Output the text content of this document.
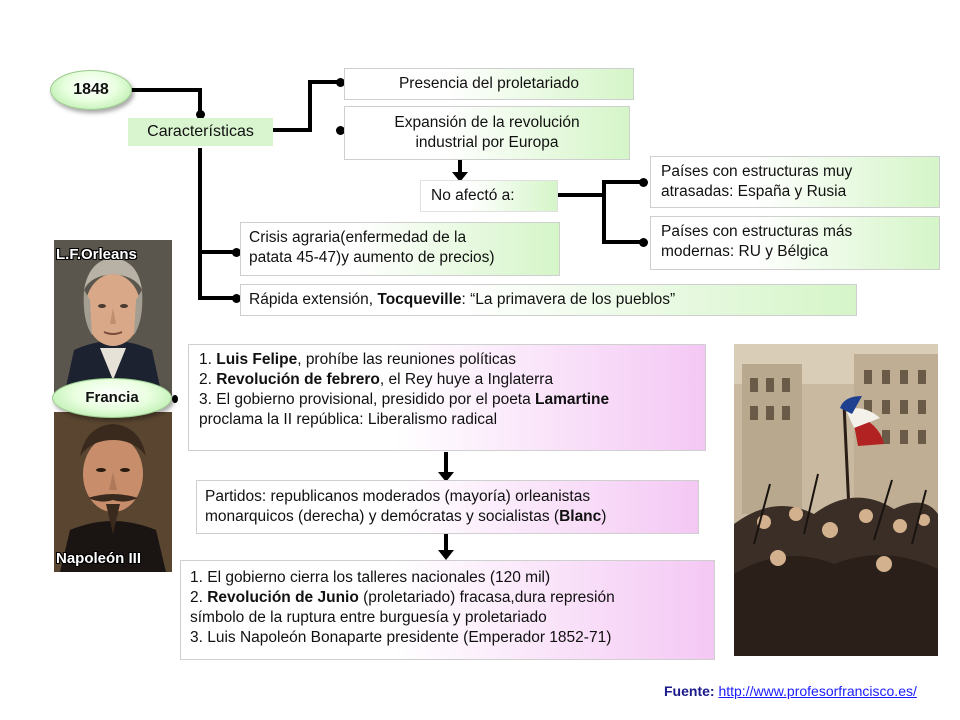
1848
Características
Presencia del proletariado
Expansión de la revolución
industrial por Europa
No afectó a:
Países con estructuras muy
atrasadas: España y Rusia
Países con estructuras más
modernas: RU y Bélgica
Crisis agraria(enfermedad de la
patata 45-47)y aumento de precios)
Rápida extensión, Tocqueville: “La primavera de los pueblos”
L.F.Orleans
Napoleón III
Francia
1. Luis Felipe, prohíbe las reuniones políticas
2. Revolución de febrero, el Rey huye a Inglaterra
3. El gobierno provisional, presidido por el poeta Lamartine
proclama la II república: Liberalismo radical
Partidos: republicanos moderados (mayoría) orleanistas
monarquicos (derecha) y demócratas y socialistas (Blanc)
1. El gobierno cierra los talleres nacionales (120 mil)
2. Revolución de Junio (proletariado) fracasa,dura represión
símbolo de la ruptura entre burguesía y proletariado
3. Luis Napoleón Bonaparte presidente (Emperador 1852-71)
Fuente: http://www.profesorfrancisco.es/
